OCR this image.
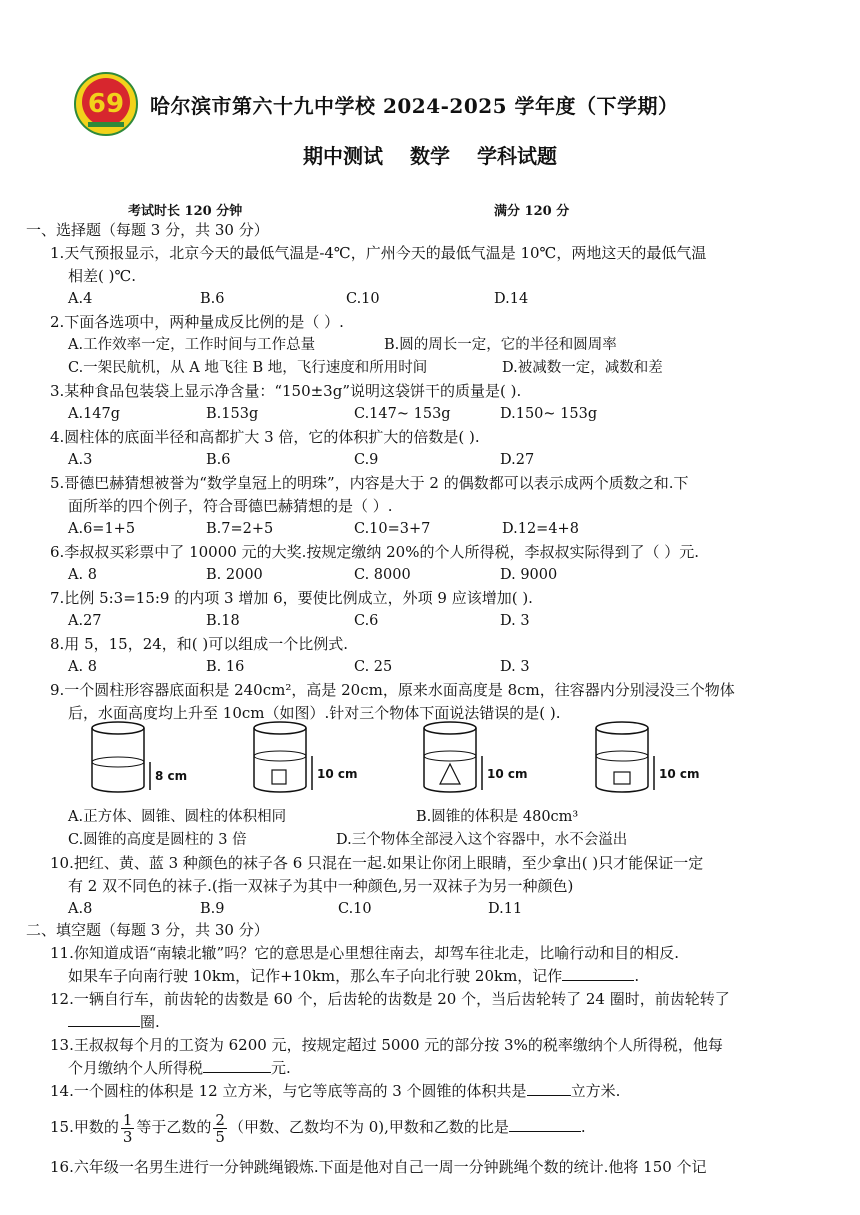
69 哈尔滨市第六十九中学校 2024-2025 学年度（下学期）
期中测试 数学 学科试题
考试时长 120 分钟	满分 120 分
一、选择题（每题 3 分，共 30 分）
1.天气预报显示，北京今天的最低气温是-4℃，广州今天的最低气温是 10℃，两地这天的最低气温
相差( )℃.
A.4	B.6	C.10	D.14
2.下面各选项中，两种量成反比例的是（ ）.
A.工作效率一定，工作时间与工作总量	B.圆的周长一定，它的半径和圆周率
C.一架民航机，从 A 地飞往 B 地，飞行速度和所用时间	D.被减数一定，减数和差
3.某种食品包装袋上显示净含量：“150±3g”说明这袋饼干的质量是( ).
A.147g	B.153g	C.147~ 153g	D.150~ 153g
4.圆柱体的底面半径和高都扩大 3 倍，它的体积扩大的倍数是( ).
A.3	B.6	C.9	D.27
5.哥德巴赫猜想被誉为“数学皇冠上的明珠”，内容是大于 2 的偶数都可以表示成两个质数之和.下
面所举的四个例子，符合哥德巴赫猜想的是（ ）.
A.6=1+5	B.7=2+5	C.10=3+7	D.12=4+8
6.李叔叔买彩票中了 10000 元的大奖.按规定缴纳 20%的个人所得税，李叔叔实际得到了（ ）元.
A. 8	B. 2000	C. 8000	D. 9000
7.比例 5:3=15:9 的内项 3 增加 6，要使比例成立，外项 9 应该增加( ).
A.27	B.18	C.6	D. 3
8.用 5，15，24，和( )可以组成一个比例式.
A. 8	B. 16	C. 25	D. 3
9.一个圆柱形容器底面积是 240cm²，高是 20cm，原来水面高度是 8cm，往容器内分别浸没三个物体
后，水面高度均上升至 10cm（如图）.针对三个物体下面说法错误的是( ).
8 cm	10 cm	10 cm	10 cm
A.正方体、圆锥、圆柱的体积相同	B.圆锥的体积是 480cm³
C.圆锥的高度是圆柱的 3 倍	D.三个物体全部浸入这个容器中，水不会溢出
10.把红、黄、蓝 3 种颜色的袜子各 6 只混在一起.如果让你闭上眼睛，至少拿出( )只才能保证一定
有 2 双不同色的袜子.(指一双袜子为其中一种颜色,另一双袜子为另一种颜色)
A.8	B.9	C.10	D.11
二、填空题（每题 3 分，共 30 分）
11.你知道成语“南辕北辙”吗？它的意思是心里想往南去，却驾车往北走，比喻行动和目的相反.
如果车子向南行驶 10km，记作+10km，那么车子向北行驶 20km，记作	.
12.一辆自行车，前齿轮的齿数是 60 个，后齿轮的齿数是 20 个，当后齿轮转了 24 圈时，前齿轮转了
圈.
13.王叔叔每个月的工资为 6200 元，按规定超过 5000 元的部分按 3%的税率缴纳个人所得税，他每
个月缴纳个人所得税	元.
14.一个圆柱的体积是 12 立方米，与它等底等高的 3 个圆锥的体积共是	立方米.
15.甲数的 $\frac{1}{3}$ 等于乙数的 $\frac{2}{5}$ （甲数、乙数均不为 0),甲数和乙数的比是	.
16.六年级一名男生进行一分钟跳绳锻炼.下面是他对自己一周一分钟跳绳个数的统计.他将 150 个记
